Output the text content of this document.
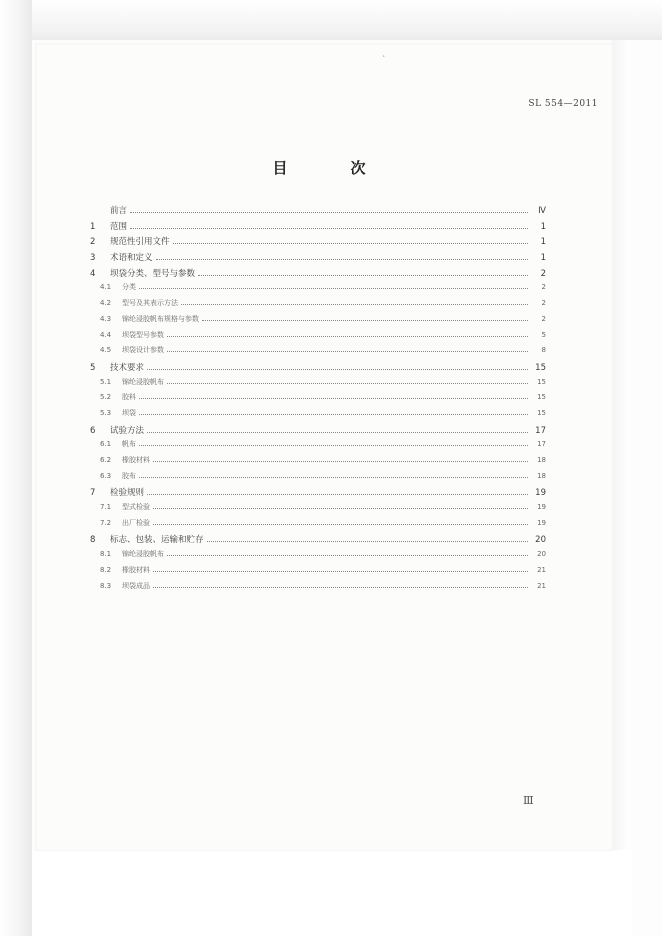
ˋ
SL 554—2011
目　次
前言	Ⅳ
1	范围	1
2	规范性引用文件	1
3	术语和定义	1
4	坝袋分类、型号与参数	2
4.1	分类	2
4.2	型号及其表示方法	2
4.3	锦纶浸胶帆布规格与参数	2
4.4	坝袋型号参数	5
4.5	坝袋设计参数	8
5	技术要求	15
5.1	锦纶浸胶帆布	15
5.2	胶料	15
5.3	坝袋	15
6	试验方法	17
6.1	帆布	17
6.2	橡胶材料	18
6.3	胶布	18
7	检验规则	19
7.1	型式检验	19
7.2	出厂检验	19
8	标志、包装、运输和贮存	20
8.1	锦纶浸胶帆布	20
8.2	橡胶材料	21
8.3	坝袋成品	21
Ⅲ
